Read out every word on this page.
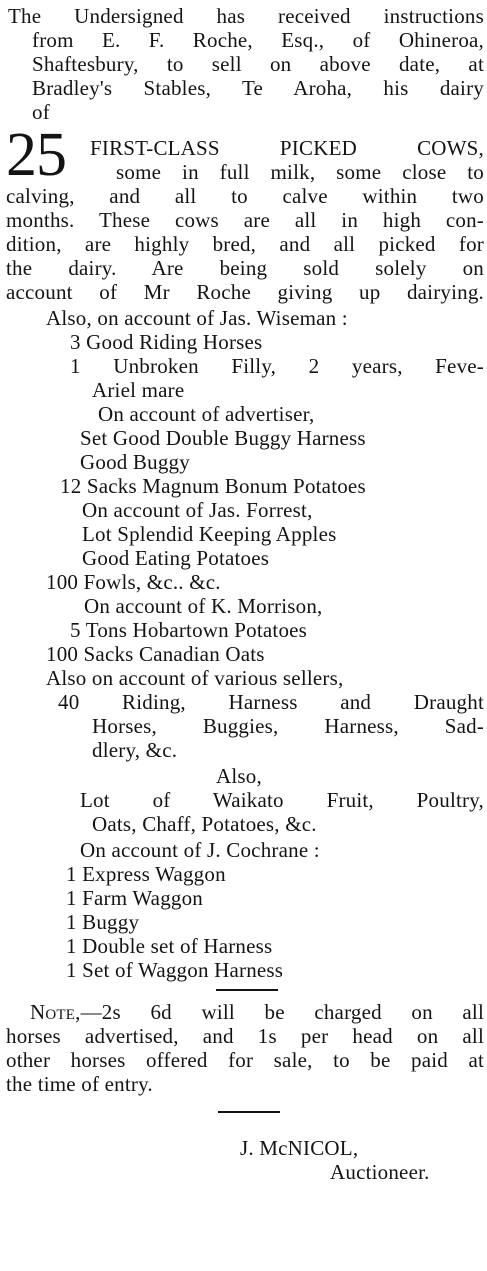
The Undersigned has received instructions
from E. F. Roche, Esq., of Ohineroa,
Shaftesbury, to sell on above date, at
Bradley's Stables, Te Aroha, his dairy
of
25 FIRST-CLASS PICKED COWS,
some in full milk, some close to
calving, and all to calve within two
months. These cows are all in high con-
dition, are highly bred, and all picked for
the dairy. Are being sold solely on
account of Mr Roche giving up dairying.
Also, on account of Jas. Wiseman :
3 Good Riding Horses
1 Unbroken Filly, 2 years, Feve-
Ariel mare
On account of advertiser,
Set Good Double Buggy Harness
Good Buggy
12 Sacks Magnum Bonum Potatoes
On account of Jas. Forrest,
Lot Splendid Keeping Apples
Good Eating Potatoes
100 Fowls, &c.. &c.
On account of K. Morrison,
5 Tons Hobartown Potatoes
100 Sacks Canadian Oats
Also on account of various sellers,
40 Riding, Harness and Draught
Horses, Buggies, Harness, Sad-
dlery, &c.
Also,
Lot of Waikato Fruit, Poultry,
Oats, Chaff, Potatoes, &c.
On account of J. Cochrane :
1 Express Waggon
1 Farm Waggon
1 Buggy
1 Double set of Harness
1 Set of Waggon Harness
Note,—2s 6d will be charged on all
horses advertised, and 1s per head on all
other horses offered for sale, to be paid at
the time of entry.
J. McNICOL,
Auctioneer.
